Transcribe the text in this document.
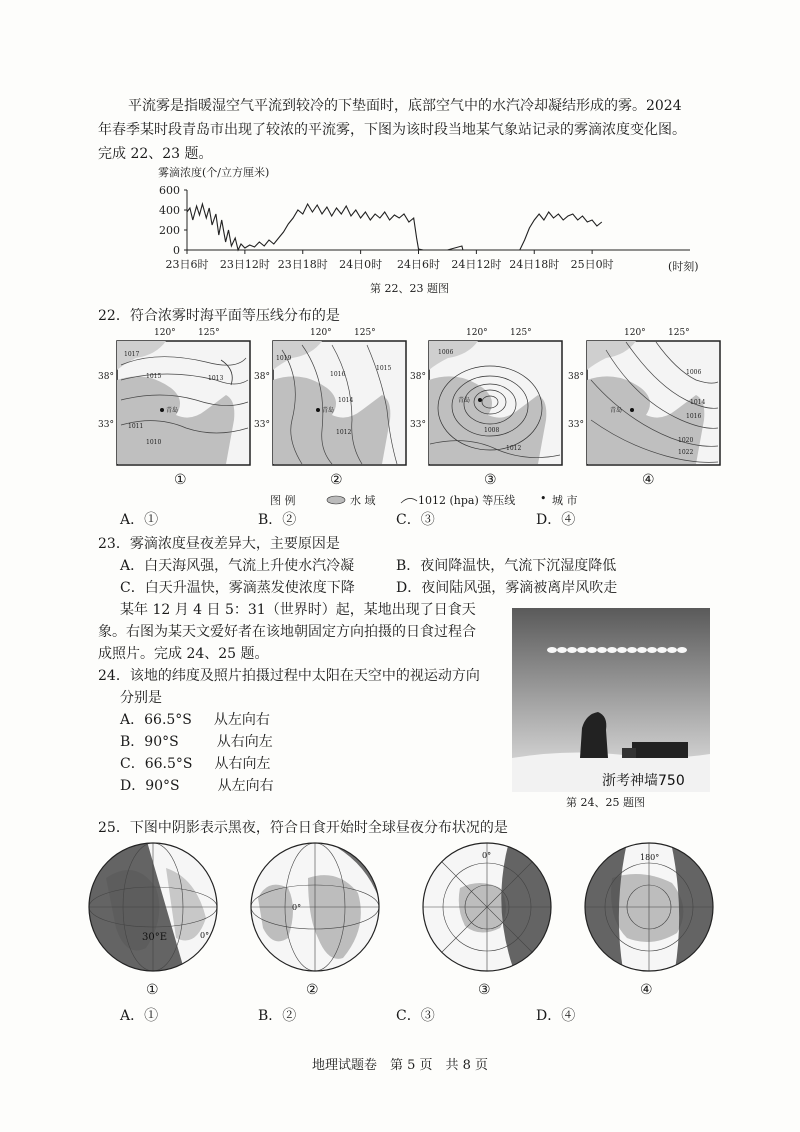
平流雾是指暖湿空气平流到较冷的下垫面时，底部空气中的水汽冷却凝结形成的雾。2024
年春季某时段青岛市出现了较浓的平流雾，下图为该时段当地某气象站记录的雾滴浓度变化图。
完成 22、23 题。
雾滴浓度(个/立方厘米)
600
400
200
0
23日6时 23日12时 23日18时 24日0时 24日6时 24日12时 24日18时 25日0时	(时刻)
第 22、23 题图
22．符合浓雾时海平面等压线分布的是
120° 125°
1017
1015	1013
1011
1010
青岛
38°
33°
①
120° 125°
1019
1016
1015
1014
1012
青岛
38°
33°
②
120° 125°
1006
1008
1012
青岛
38°
33°
③
120° 125°
1006
1014
1016
1020
1022
青岛
38°
33°
④
图 例	水 域	1012 (hpa) 等压线 • 城 市
A．①	B．②	C．③	D．④
23．雾滴浓度昼夜差异大，主要原因是
A．白天海风强，气流上升使水汽冷凝	B．夜间降温快，气流下沉湿度降低
C．白天升温快，雾滴蒸发使浓度下降	D．夜间陆风强，雾滴被离岸风吹走
某年 12 月 4 日 5：31（世界时）起，某地出现了日食天
象。右图为某天文爱好者在该地朝固定方向拍摄的日食过程合
成照片。完成 24、25 题。
24．该地的纬度及照片拍摄过程中太阳在天空中的视运动方向
分别是
A．66.5°S 从左向右
B．90°S	从右向左
C．66.5°S 从右向左
D．90°S	从左向右	浙考神墙750
第 24、25 题图
25．下图中阴影表示黑夜，符合日食开始时全球昼夜分布状况的是
30°E	0°
①
0°
②
0°
③
180°
④
A．①	B．②	C．③	D．④
地理试题卷　第 5 页　共 8 页
